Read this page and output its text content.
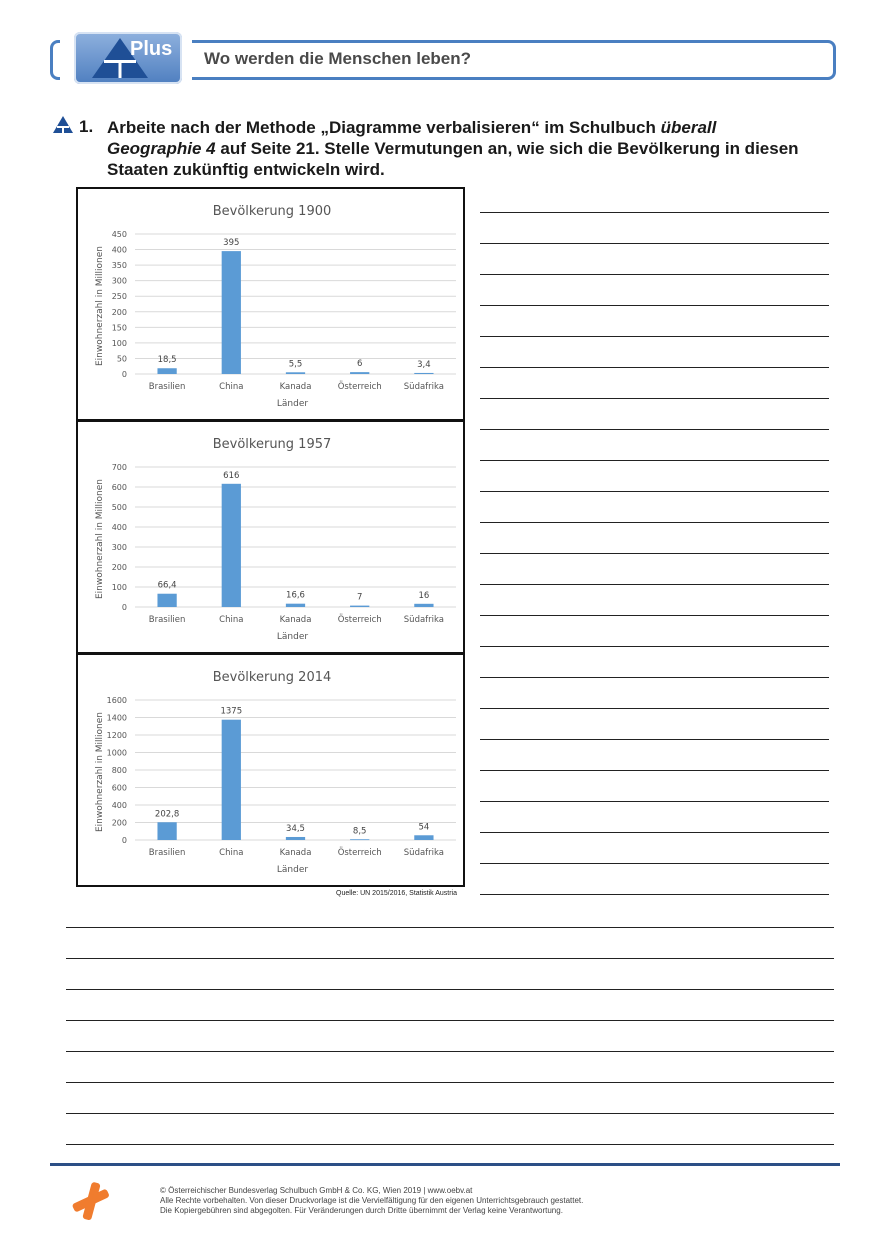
Plus Wo werden die Menschen leben?
1. Arbeite nach der Methode „Diagramme verbalisieren“ im Schulbuch überall
Geographie 4 auf Seite 21. Stelle Vermutungen an, wie sich die Bevölkerung in diesen
Staaten zukünftig entwickeln wird.
Bevölkerung 1900
0
50
100
150
200
250
300
350
400
450
18,5
Brasilien
395
China
5,5
Kanada
6
Österreich
3,4
Südafrika
Länder
Einwohnerzahl in Millionen
Bevölkerung 1957
0
100
200
300
400
500
600
700
66,4
Brasilien
616
China
16,6
Kanada
7
Österreich
16
Südafrika
Länder
Einwohnerzahl in Millionen
Bevölkerung 2014
0
200
400
600
800
1000
1200
1400
1600
202,8
Brasilien
1375
China
34,5
Kanada
8,5
Österreich
54
Südafrika
Länder
Einwohnerzahl in Millionen
Quelle: UN 2015/2016, Statistik Austria
© Österreichischer Bundesverlag Schulbuch GmbH & Co. KG, Wien 2019 | www.oebv.at
Alle Rechte vorbehalten. Von dieser Druckvorlage ist die Vervielfältigung für den eigenen Unterrichtsgebrauch gestattet.
Die Kopiergebühren sind abgegolten. Für Veränderungen durch Dritte übernimmt der Verlag keine Verantwortung.
